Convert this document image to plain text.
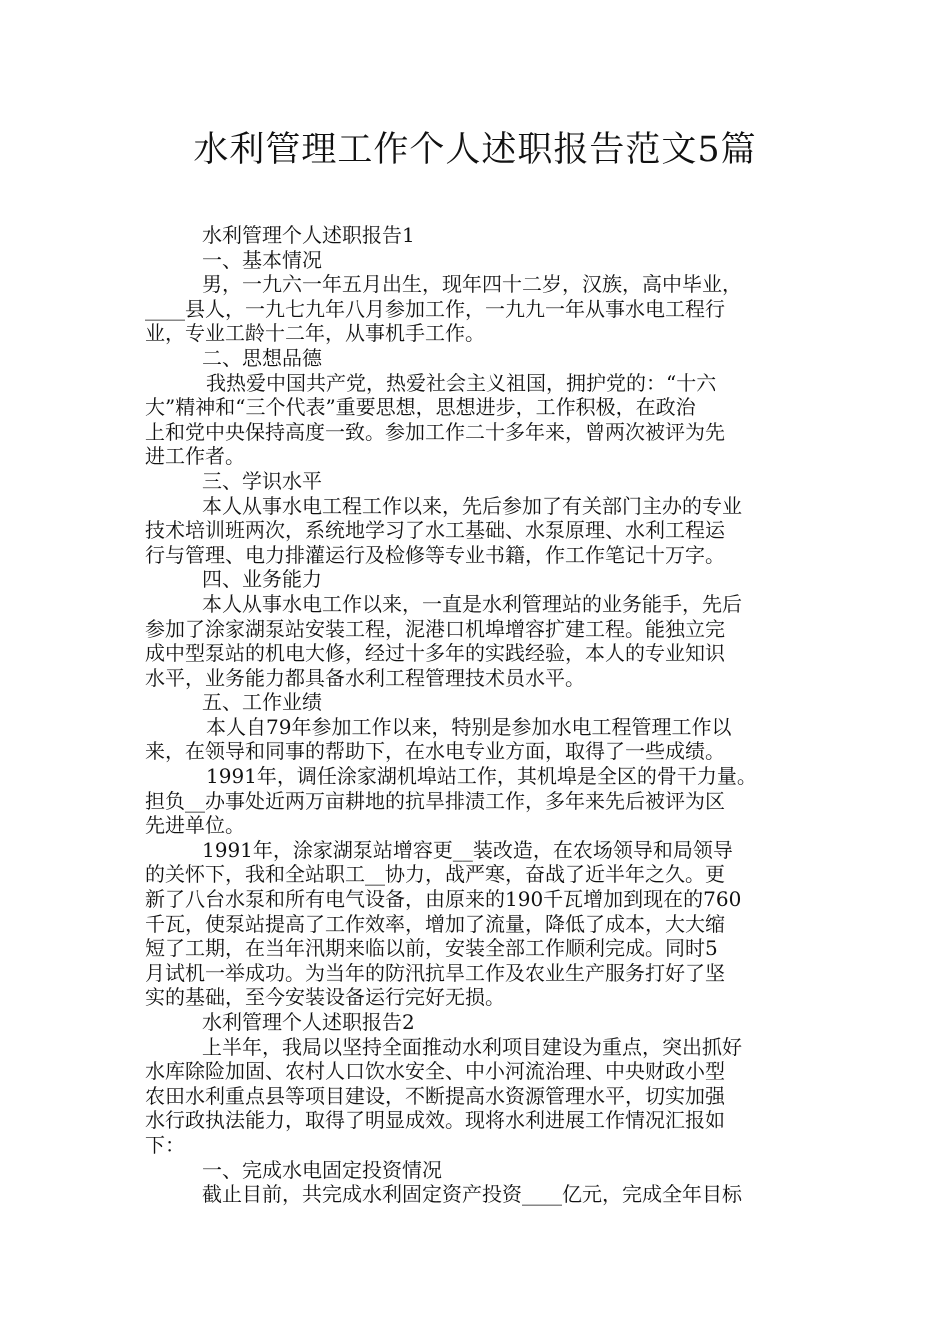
水利管理工作个人述职报告范文5篇
水利管理个人述职报告1
一、基本情况
男，一九六一年五月出生，现年四十二岁，汉族，高中毕业，
____县人，一九七九年八月参加工作，一九九一年从事水电工程行
业，专业工龄十二年，从事机手工作。
二、思想品德
我热爱中国共产党，热爱社会主义祖国，拥护党的：“十六
大”精神和“三个代表”重要思想，思想进步，工作积极，在政治
上和党中央保持高度一致。参加工作二十多年来，曾两次被评为先
进工作者。
三、学识水平
本人从事水电工程工作以来，先后参加了有关部门主办的专业
技术培训班两次，系统地学习了水工基础、水泵原理、水利工程运
行与管理、电力排灌运行及检修等专业书籍，作工作笔记十万字。
四、业务能力
本人从事水电工作以来，一直是水利管理站的业务能手，先后
参加了涂家湖泵站安装工程，泥港口机埠增容扩建工程。能独立完
成中型泵站的机电大修，经过十多年的实践经验，本人的专业知识
水平，业务能力都具备水利工程管理技术员水平。
五、工作业绩
本人自79年参加工作以来，特别是参加水电工程管理工作以
来，在领导和同事的帮助下，在水电专业方面，取得了一些成绩。
1991年，调任涂家湖机埠站工作，其机埠是全区的骨干力量。
担负__办事处近两万亩耕地的抗旱排渍工作，多年来先后被评为区
先进单位。
1991年，涂家湖泵站增容更__装改造，在农场领导和局领导
的关怀下，我和全站职工__协力，战严寒，奋战了近半年之久。更
新了八台水泵和所有电气设备，由原来的190千瓦增加到现在的760
千瓦，使泵站提高了工作效率，增加了流量，降低了成本，大大缩
短了工期，在当年汛期来临以前，安装全部工作顺利完成。同时5
月试机一举成功。为当年的防汛抗旱工作及农业生产服务打好了坚
实的基础，至今安装设备运行完好无损。
水利管理个人述职报告2
上半年，我局以坚持全面推动水利项目建设为重点，突出抓好
水库除险加固、农村人口饮水安全、中小河流治理、中央财政小型
农田水利重点县等项目建设，不断提高水资源管理水平，切实加强
水行政执法能力，取得了明显成效。现将水利进展工作情况汇报如
下：
一、完成水电固定投资情况
截止目前，共完成水利固定资产投资____亿元，完成全年目标
